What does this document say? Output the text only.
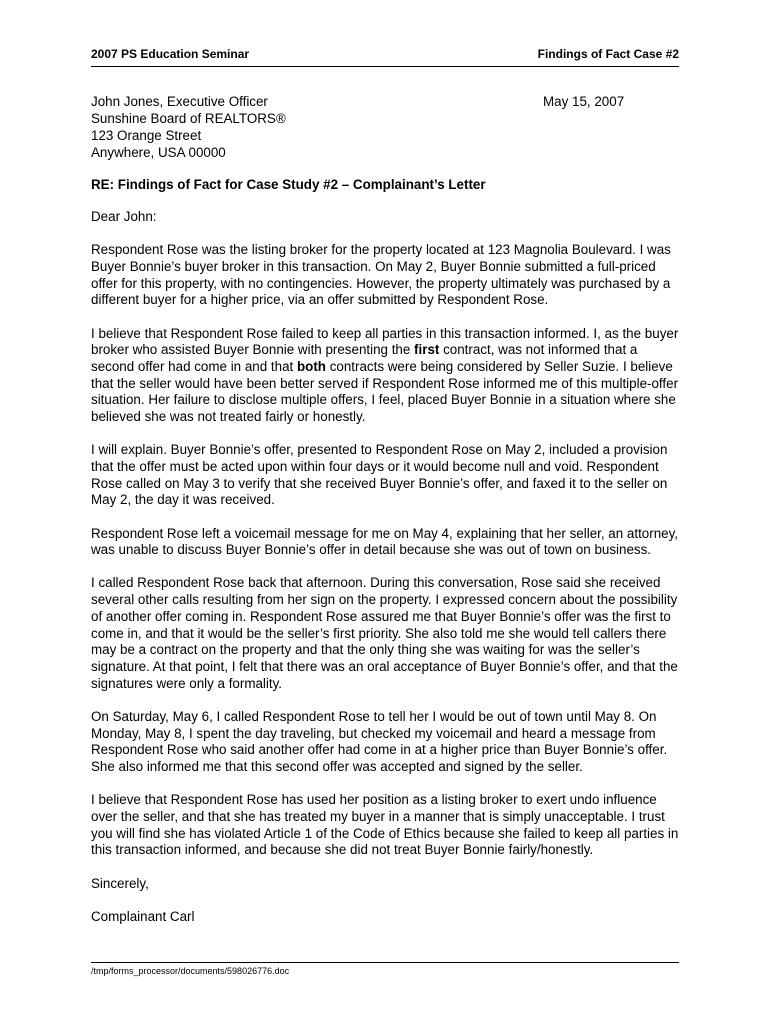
2007 PS Education Seminar	Findings of Fact Case #2
John Jones, Executive Officer
Sunshine Board of REALTORS®
123 Orange Street
Anywhere, USA 00000
May 15, 2007
RE: Findings of Fact for Case Study #2 – Complainant’s Letter

Dear John:

Respondent Rose was the listing broker for the property located at 123 Magnolia Boulevard. I was Buyer Bonnie’s buyer broker in this transaction. On May 2, Buyer Bonnie submitted a full-priced offer for this property, with no contingencies. However, the property ultimately was purchased by a different buyer for a higher price, via an offer submitted by Respondent Rose.

I believe that Respondent Rose failed to keep all parties in this transaction informed. I, as the buyer broker who assisted Buyer Bonnie with presenting the first contract, was not informed that a second offer had come in and that both contracts were being considered by Seller Suzie. I believe that the seller would have been better served if Respondent Rose informed me of this multiple-offer situation. Her failure to disclose multiple offers, I feel, placed Buyer Bonnie in a situation where she believed she was not treated fairly or honestly.

I will explain. Buyer Bonnie’s offer, presented to Respondent Rose on May 2, included a provision that the offer must be acted upon within four days or it would become null and void. Respondent Rose called on May 3 to verify that she received Buyer Bonnie’s offer, and faxed it to the seller on May 2, the day it was received.

Respondent Rose left a voicemail message for me on May 4, explaining that her seller, an attorney, was unable to discuss Buyer Bonnie’s offer in detail because she was out of town on business.

I called Respondent Rose back that afternoon. During this conversation, Rose said she received several other calls resulting from her sign on the property. I expressed concern about the possibility of another offer coming in. Respondent Rose assured me that Buyer Bonnie’s offer was the first to come in, and that it would be the seller’s first priority. She also told me she would tell callers there may be a contract on the property and that the only thing she was waiting for was the seller’s signature. At that point, I felt that there was an oral acceptance of Buyer Bonnie’s offer, and that the signatures were only a formality.

On Saturday, May 6, I called Respondent Rose to tell her I would be out of town until May 8. On Monday, May 8, I spent the day traveling, but checked my voicemail and heard a message from Respondent Rose who said another offer had come in at a higher price than Buyer Bonnie’s offer. She also informed me that this second offer was accepted and signed by the seller.

I believe that Respondent Rose has used her position as a listing broker to exert undo influence over the seller, and that she has treated my buyer in a manner that is simply unacceptable. I trust you will find she has violated Article 1 of the Code of Ethics because she failed to keep all parties in this transaction informed, and because she did not treat Buyer Bonnie fairly/honestly.

Sincerely,

Complainant Carl

/tmp/forms_processor/documents/598026776.doc
